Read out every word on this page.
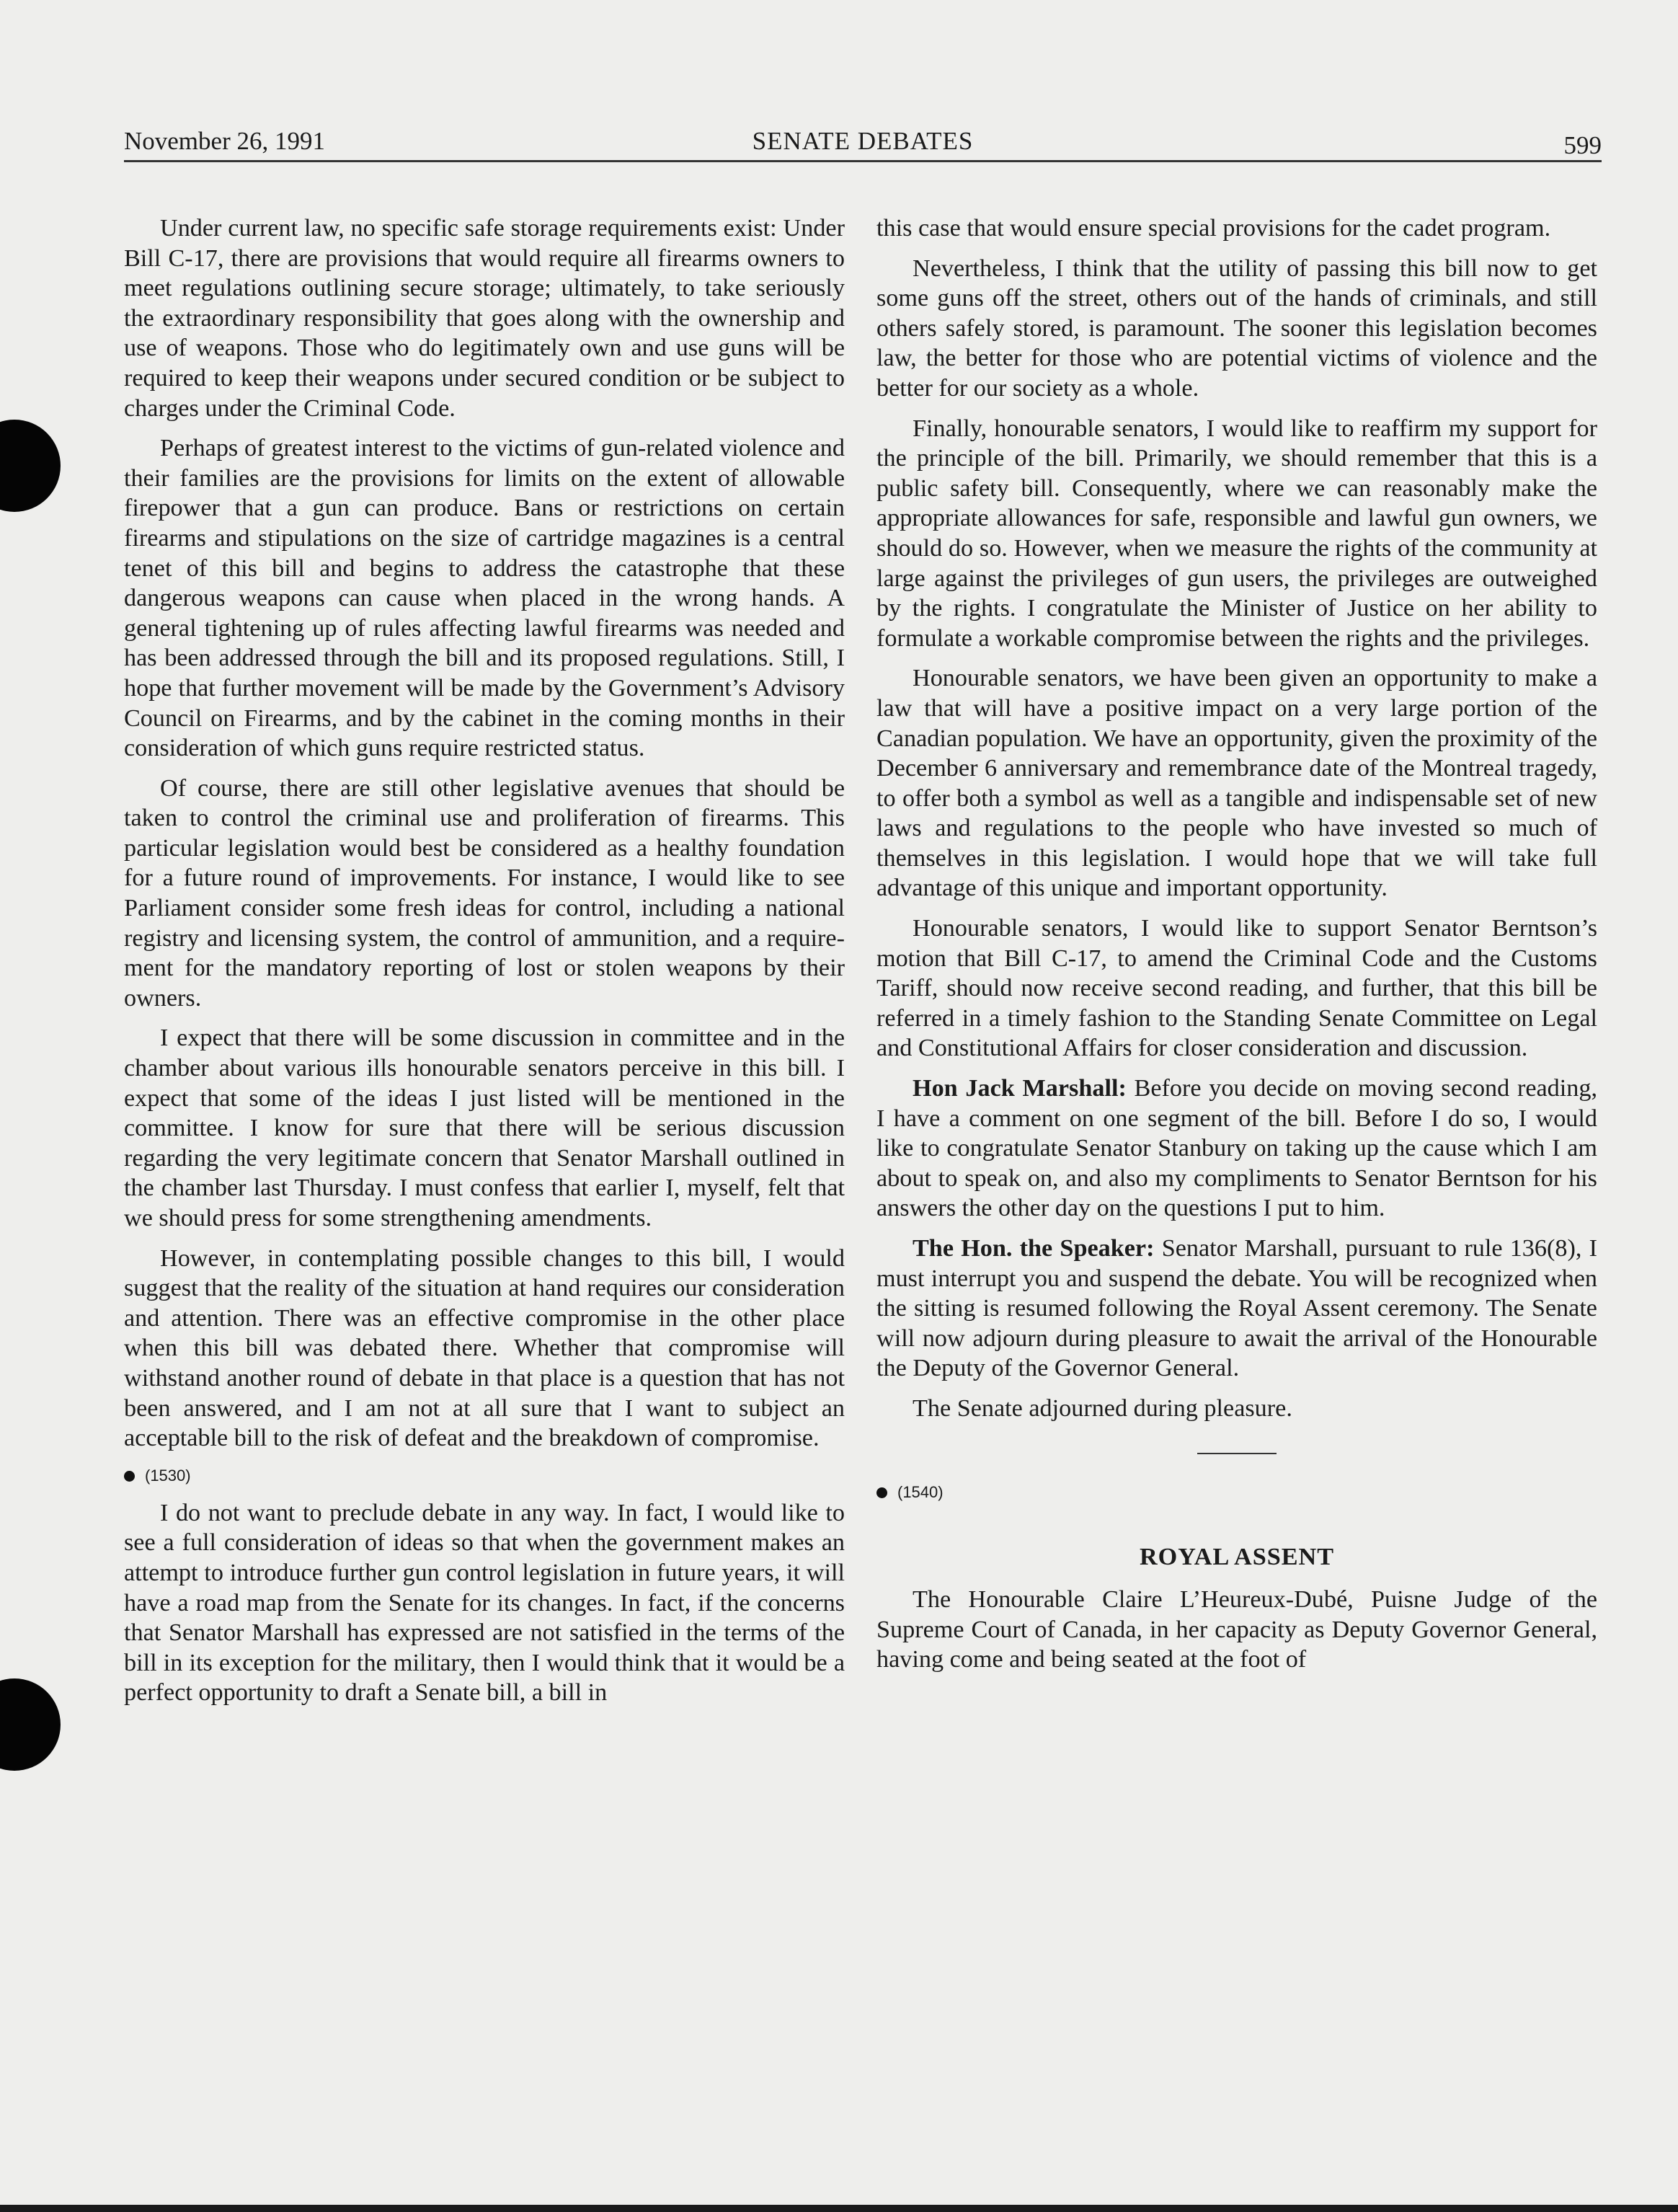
November 26, 1991	SENATE DEBATES	599

Under current law, no specific safe storage requirements exist: Under Bill C-17, there are provisions that would require all firearms owners to meet regulations outlining secure storage; ultimately, to take seriously the extraordinary responsibility that goes along with the ownership and use of weapons. Those who do legitimately own and use guns will be required to keep their weapons under secured condition or be subject to charges under the Criminal Code.

Perhaps of greatest interest to the victims of gun-related violence and their families are the provisions for limits on the extent of allowable firepower that a gun can produce. Bans or restrictions on certain firearms and stipulations on the size of cartridge magazines is a central tenet of this bill and begins to address the catastrophe that these dangerous weapons can cause when placed in the wrong hands. A general tightening up of rules affecting lawful firearms was needed and has been addressed through the bill and its proposed regulations. Still, I hope that further movement will be made by the Government’s Advisory Council on Firearms, and by the cabinet in the coming months in their consideration of which guns require restricted status.

Of course, there are still other legislative avenues that should be taken to control the criminal use and proliferation of firearms. This particular legislation would best be considered as a healthy foundation for a future round of improvements. For instance, I would like to see Parliament consider some fresh ideas for control, including a national registry and licensing system, the control of ammunition, and a requirement for the mandatory reporting of lost or stolen weapons by their owners.

I expect that there will be some discussion in committee and in the chamber about various ills honourable senators perceive in this bill. I expect that some of the ideas I just listed will be mentioned in the committee. I know for sure that there will be serious discussion regarding the very legitimate concern that Senator Marshall outlined in the chamber last Thursday. I must confess that earlier I, myself, felt that we should press for some strengthening amendments.

However, in contemplating possible changes to this bill, I would suggest that the reality of the situation at hand requires our consideration and attention. There was an effective compromise in the other place when this bill was debated there. Whether that compromise will withstand another round of debate in that place is a question that has not been answered, and I am not at all sure that I want to subject an acceptable bill to the risk of defeat and the breakdown of compromise.

(1530)

I do not want to preclude debate in any way. In fact, I would like to see a full consideration of ideas so that when the government makes an attempt to introduce further gun control legislation in future years, it will have a road map from the Senate for its changes. In fact, if the concerns that Senator Marshall has expressed are not satisfied in the terms of the bill in its exception for the military, then I would think that it would be a perfect opportunity to draft a Senate bill, a bill in

this case that would ensure special provisions for the cadet program.

Nevertheless, I think that the utility of passing this bill now to get some guns off the street, others out of the hands of criminals, and still others safely stored, is paramount. The sooner this legislation becomes law, the better for those who are potential victims of violence and the better for our society as a whole.

Finally, honourable senators, I would like to reaffirm my support for the principle of the bill. Primarily, we should remember that this is a public safety bill. Consequently, where we can reasonably make the appropriate allowances for safe, responsible and lawful gun owners, we should do so. However, when we measure the rights of the community at large against the privileges of gun users, the privileges are outweighed by the rights. I congratulate the Minister of Justice on her ability to formulate a workable compromise between the rights and the privileges.

Honourable senators, we have been given an opportunity to make a law that will have a positive impact on a very large portion of the Canadian population. We have an opportunity, given the proximity of the December 6 anniversary and remembrance date of the Montreal tragedy, to offer both a symbol as well as a tangible and indispensable set of new laws and regulations to the people who have invested so much of themselves in this legislation. I would hope that we will take full advantage of this unique and important opportunity.

Honourable senators, I would like to support Senator Berntson’s motion that Bill C-17, to amend the Criminal Code and the Customs Tariff, should now receive second reading, and further, that this bill be referred in a timely fashion to the Standing Senate Committee on Legal and Constitutional Affairs for closer consideration and discussion.

Hon Jack Marshall: Before you decide on moving second reading, I have a comment on one segment of the bill. Before I do so, I would like to congratulate Senator Stanbury on taking up the cause which I am about to speak on, and also my compliments to Senator Berntson for his answers the other day on the questions I put to him.

The Hon. the Speaker: Senator Marshall, pursuant to rule 136(8), I must interrupt you and suspend the debate. You will be recognized when the sitting is resumed following the Royal Assent ceremony. The Senate will now adjourn during pleasure to await the arrival of the Honourable the Deputy of the Governor General.

The Senate adjourned during pleasure.

(1540)

ROYAL ASSENT

The Honourable Claire L’Heureux-Dubé, Puisne Judge of the Supreme Court of Canada, in her capacity as Deputy Governor General, having come and being seated at the foot of
